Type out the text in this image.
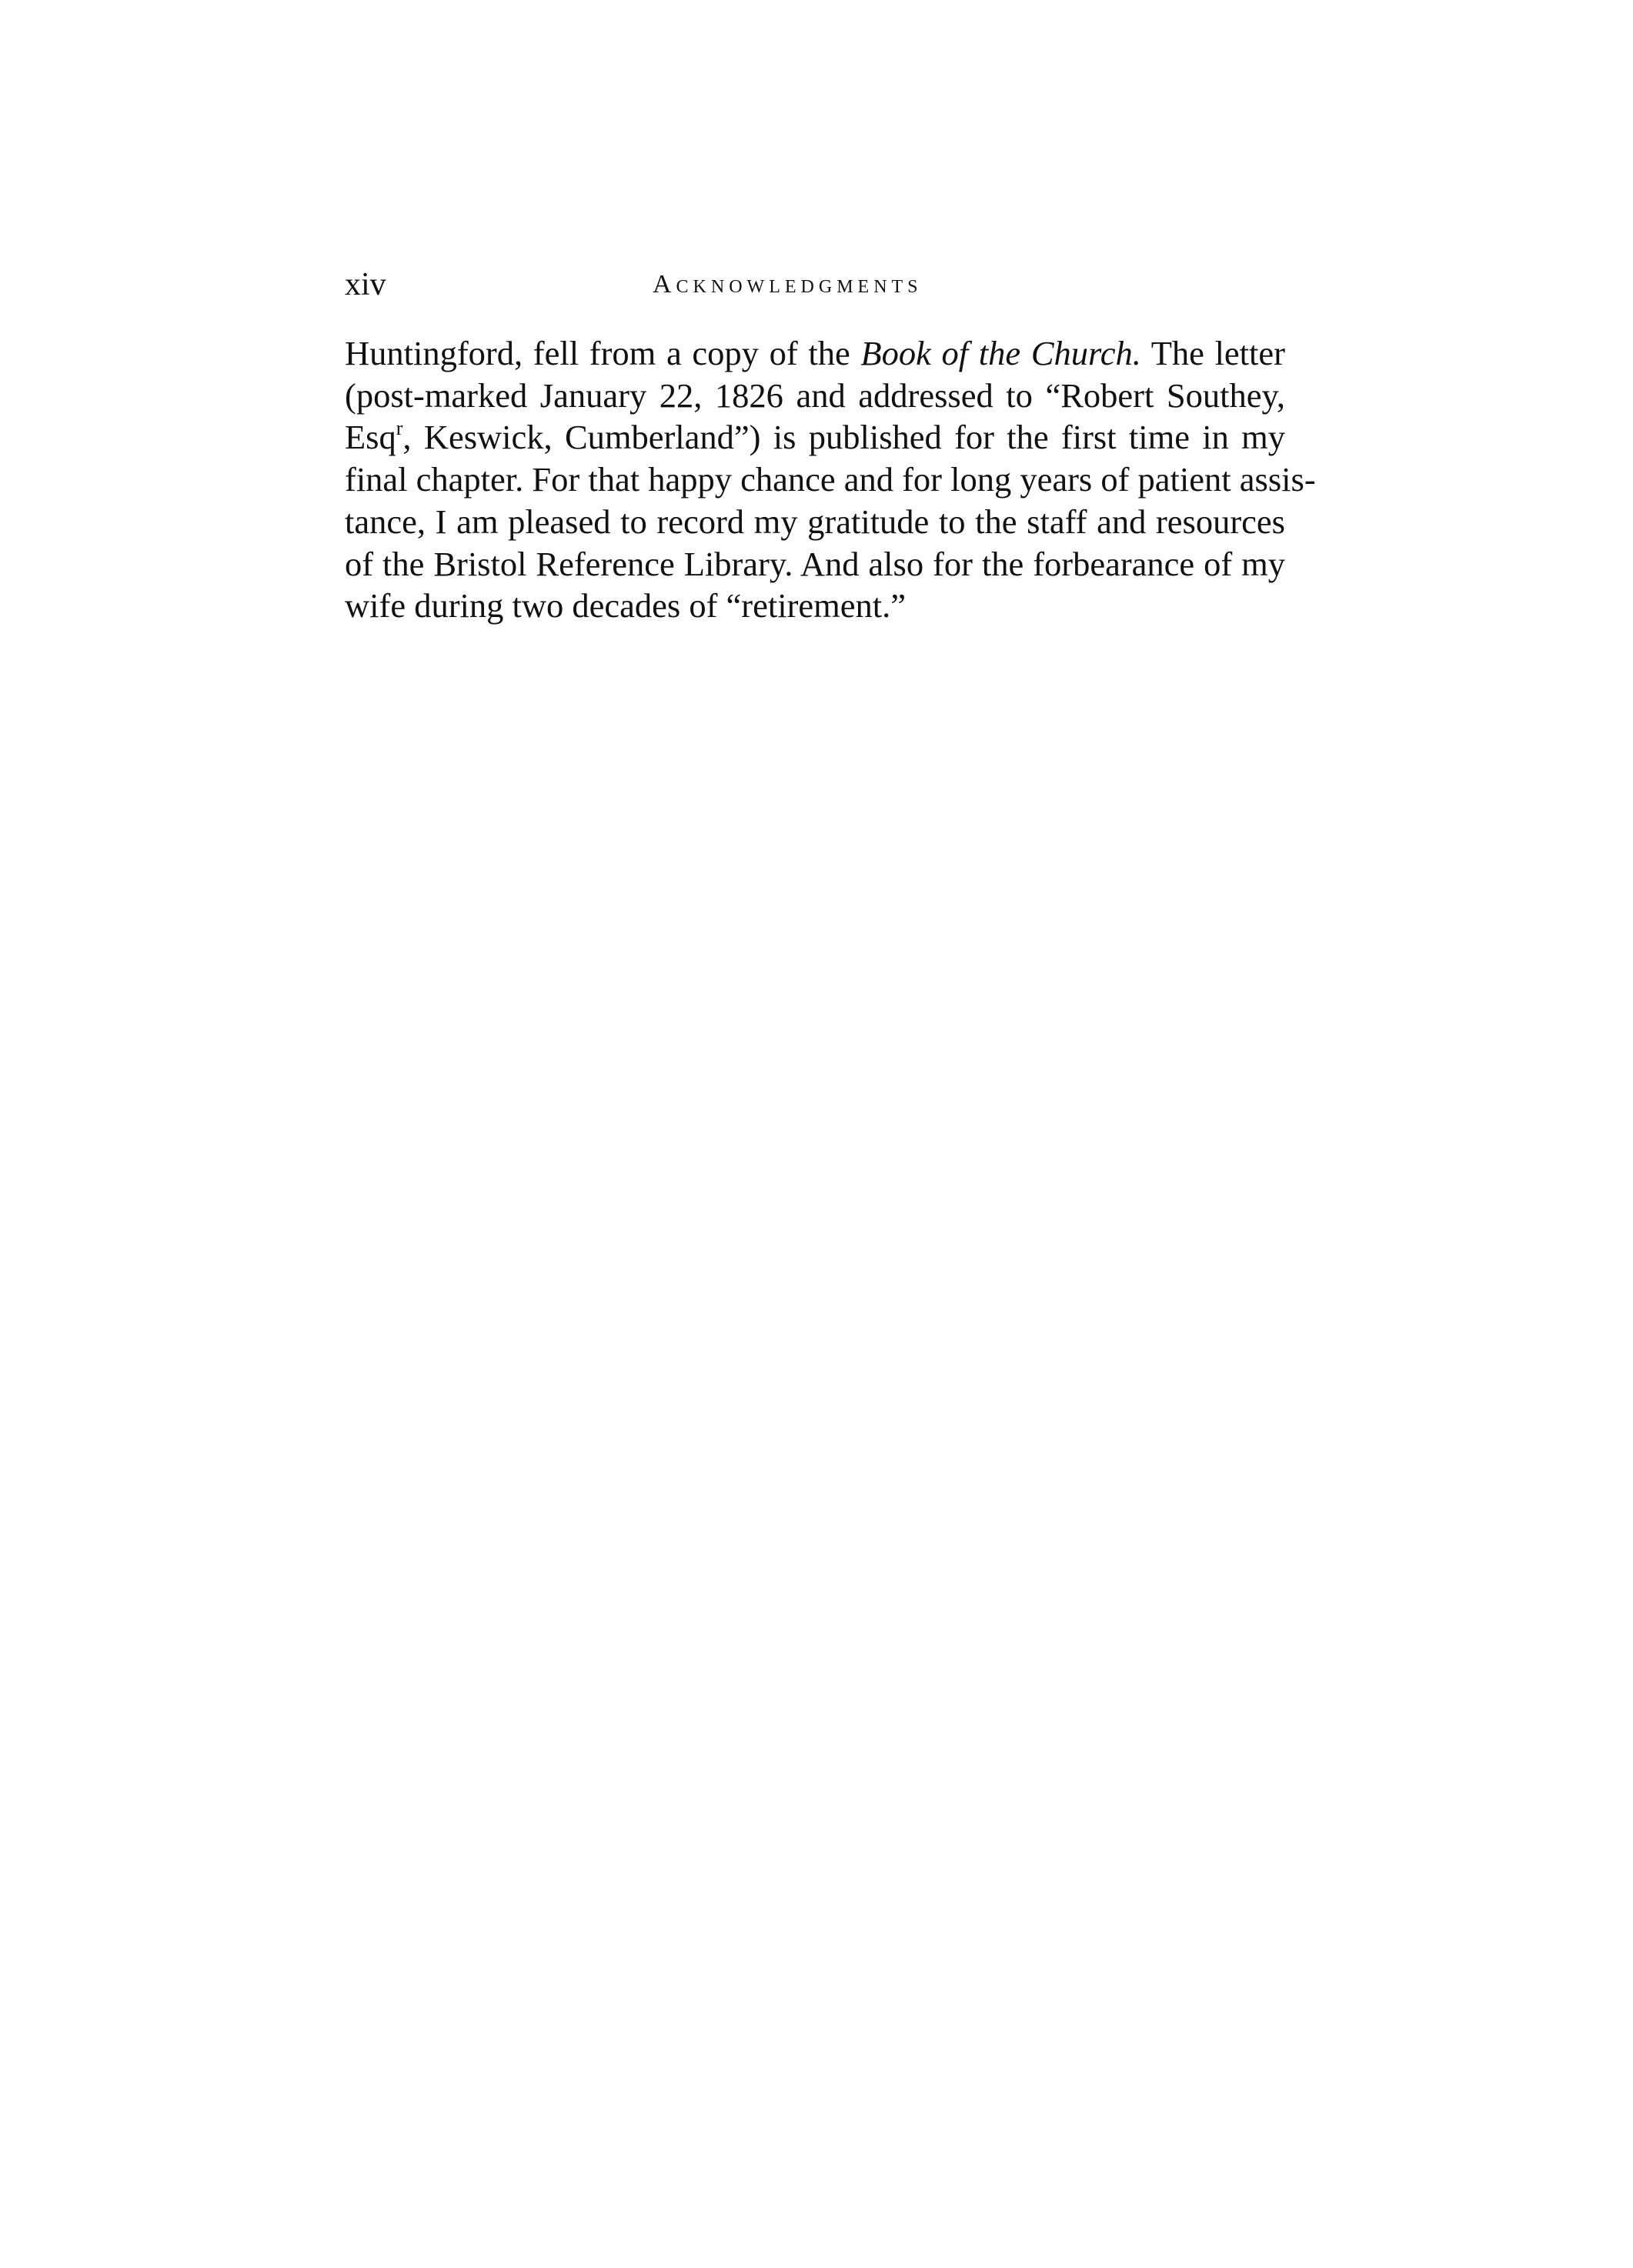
xiv	Acknowledgments
Huntingford, fell from a copy of the Book of the Church. The letter
(post-marked January 22, 1826 and addressed to “Robert Southey,
Esq$^r$, Keswick, Cumberland”) is published for the first time in my
final chapter. For that happy chance and for long years of patient assis-
tance, I am pleased to record my gratitude to the staff and resources
of the Bristol Reference Library. And also for the forbearance of my
wife during two decades of “retirement.”
